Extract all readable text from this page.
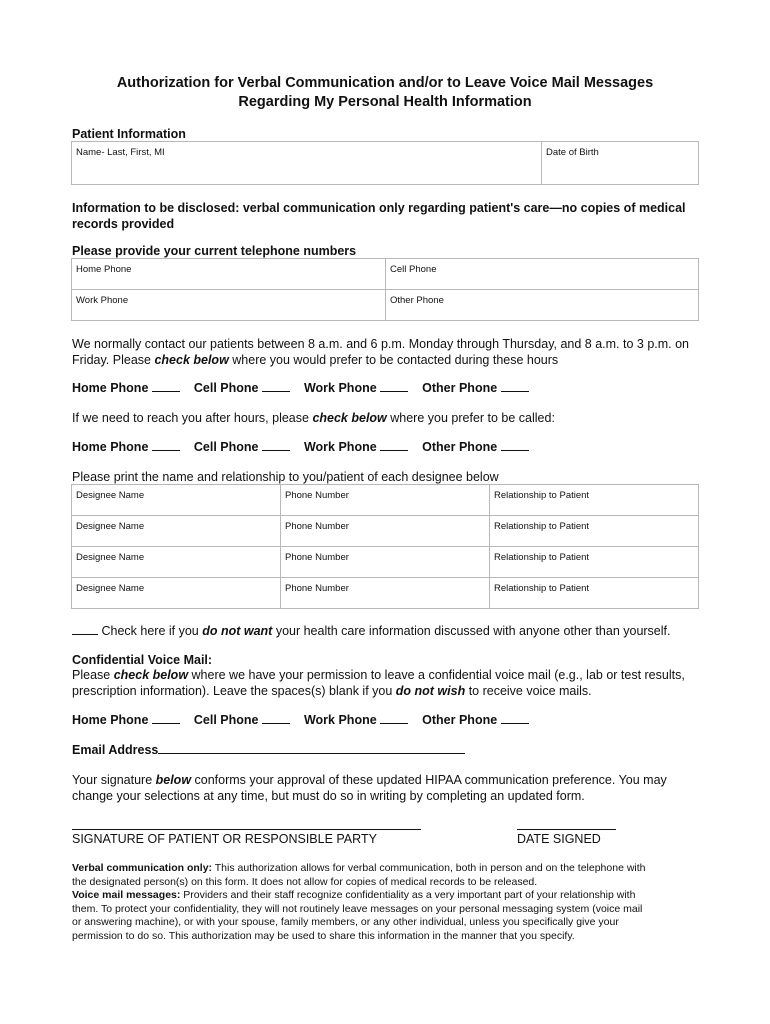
Authorization for Verbal Communication and/or to Leave Voice Mail Messages
Regarding My Personal Health Information
Patient Information
Name- Last, First, MI	Date of Birth
Information to be disclosed: verbal communication only regarding patient's care—no copies of medical
records provided
Please provide your current telephone numbers
Home Phone	Cell Phone
Work Phone	Other Phone
We normally contact our patients between 8 a.m. and 6 p.m. Monday through Thursday, and 8 a.m. to 3 p.m. on
Friday. Please check below where you would prefer to be contacted during these hours
Home Phone	Cell Phone	Work Phone	Other Phone
If we need to reach you after hours, please check below where you prefer to be called:
Home Phone	Cell Phone	Work Phone	Other Phone
Please print the name and relationship to you/patient of each designee below
Designee Name	Phone Number	Relationship to Patient
Designee Name	Phone Number	Relationship to Patient
Designee Name	Phone Number	Relationship to Patient
Designee Name	Phone Number	Relationship to Patient
Check here if you do not want your health care information discussed with anyone other than yourself.
Confidential Voice Mail:
Please check below where we have your permission to leave a confidential voice mail (e.g., lab or test results,
prescription information). Leave the spaces(s) blank if you do not wish to receive voice mails.
Home Phone	Cell Phone	Work Phone	Other Phone
Email Address
Your signature below conforms your approval of these updated HIPAA communication preference. You may
change your selections at any time, but must do so in writing by completing an updated form.
SIGNATURE OF PATIENT OR RESPONSIBLE PARTY	DATE SIGNED
Verbal communication only: This authorization allows for verbal communication, both in person and on the telephone with
the designated person(s) on this form. It does not allow for copies of medical records to be released.
Voice mail messages: Providers and their staff recognize confidentiality as a very important part of your relationship with
them. To protect your confidentiality, they will not routinely leave messages on your personal messaging system (voice mail
or answering machine), or with your spouse, family members, or any other individual, unless you specifically give your
permission to do so. This authorization may be used to share this information in the manner that you specify.
